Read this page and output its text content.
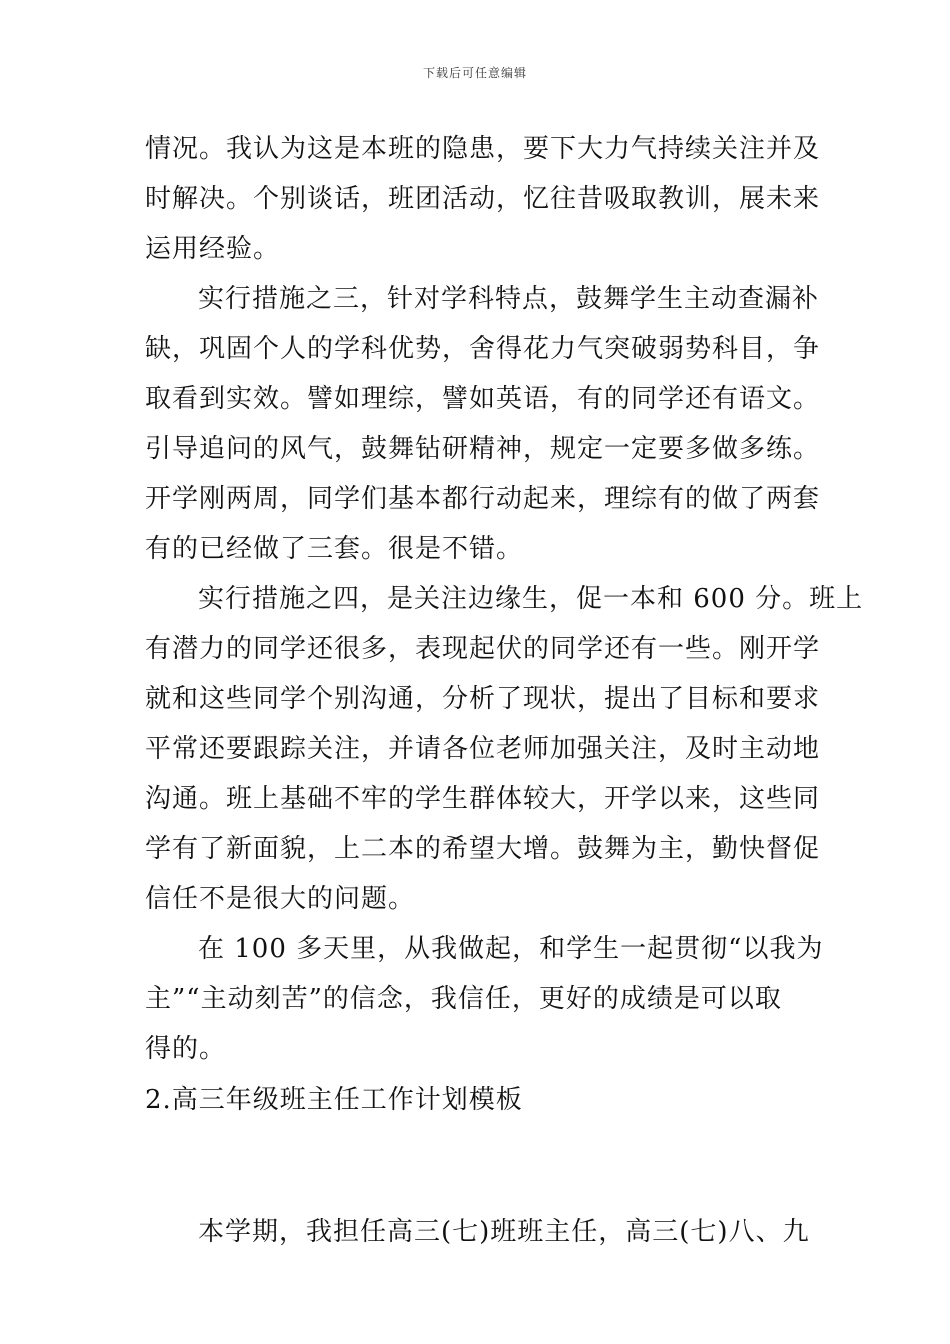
下载后可任意编辑
情况。我认为这是本班的隐患，要下大力气持续关注并及
时解决。个别谈话，班团活动，忆往昔吸取教训，展未来
运用经验。
实行措施之三，针对学科特点，鼓舞学生主动查漏补
缺，巩固个人的学科优势，舍得花力气突破弱势科目，争
取看到实效。譬如理综，譬如英语，有的同学还有语文。
引导追问的风气，鼓舞钻研精神，规定一定要多做多练。
开学刚两周，同学们基本都行动起来，理综有的做了两套
有的已经做了三套。很是不错。
实行措施之四，是关注边缘生，促一本和 600 分。班上
有潜力的同学还很多，表现起伏的同学还有一些。刚开学
就和这些同学个别沟通，分析了现状，提出了目标和要求
平常还要跟踪关注，并请各位老师加强关注，及时主动地
沟通。班上基础不牢的学生群体较大，开学以来，这些同
学有了新面貌，上二本的希望大增。鼓舞为主，勤快督促
信任不是很大的问题。
在 100 多天里，从我做起，和学生一起贯彻“以我为
主”“主动刻苦”的信念，我信任，更好的成绩是可以取
得的。
2.高三年级班主任工作计划模板
本学期，我担任高三(七)班班主任，高三(七)八、九
